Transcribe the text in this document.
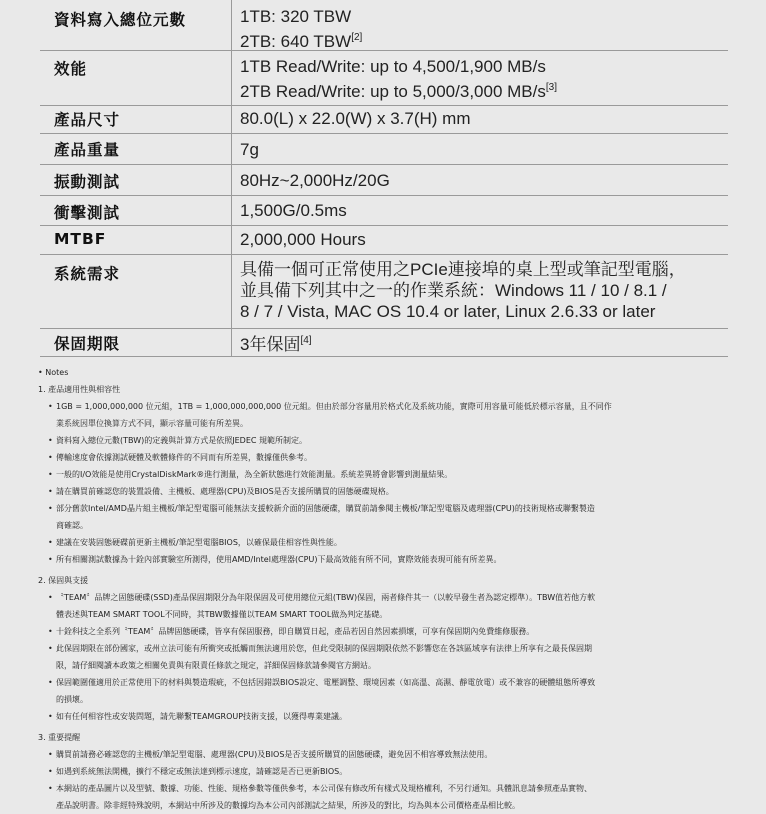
資料寫入總位元數	1TB: 320 TBW
2TB: 640 TBW[2]
效能	1TB Read/Write: up to 4,500/1,900 MB/s
2TB Read/Write: up to 5,000/3,000 MB/s[3]
產品尺寸	80.0(L) x 22.0(W) x 3.7(H) mm
產品重量	7g
振動測試	80Hz~2,000Hz/20G
衝擊測試	1,500G/0.5ms
MTBF	2,000,000 Hours
系統需求	具備一個可正常使用之PCIe連接埠的桌上型或筆記型電腦，
並具備下列其中之一的作業系統：Windows 11 / 10 / 8.1 /
8 / 7 / Vista, MAC OS 10.4 or later, Linux 2.6.33 or later
保固期限	3年保固[4]
• Notes
1. 產品適用性與相容性
• 1GB = 1,000,000,000 位元組，1TB = 1,000,000,000,000 位元組。但由於部分容量用於格式化及系統功能，實際可用容量可能低於標示容量，且不同作
業系統因單位換算方式不同，顯示容量可能有所差異。
• 資料寫入總位元數(TBW)的定義與計算方式是依照JEDEC 規範所制定。
• 傳輸速度會依據測試硬體及軟體條件的不同而有所差異，數據僅供參考。
• 一般的I/O效能是使用CrystalDiskMark®進行測量，為全新狀態進行效能測量。系統差異將會影響到測量結果。
• 請在購買前確認您的裝置設備、主機板、處理器(CPU)及BIOS是否支援所購買的固態硬碟規格。
• 部分舊款Intel/AMD晶片組主機板/筆記型電腦可能無法支援較新介面的固態硬碟，購買前請參閱主機板/筆記型電腦及處理器(CPU)的技術規格或聯繫製造
商確認。
• 建議在安裝固態硬碟前更新主機板/筆記型電腦BIOS，以確保最佳相容性與性能。
• 所有相關測試數據為十銓內部實驗室所測得，使用AMD/Intel處理器(CPU)下最高效能有所不同，實際效能表現可能有所差異。
2. 保固與支援
• 〝TEAM〞品牌之固態硬碟(SSD)產品保固期限分為年限保固及可使用總位元組(TBW)保固，兩者條件其一（以較早發生者為認定標準）。TBW值若他方軟
體表述與TEAM SMART TOOL不同時，其TBW數據僅以TEAM SMART TOOL做為判定基礎。
• 十銓科技之全系列〝TEAM〞品牌固態硬碟，皆享有保固服務，即自購買日起，產品若因自然因素損壞，可享有保固期內免費維修服務。
• 此保固期限在部份國家，或州立法可能有所衝突或抵觸而無法適用於您，但此受限制的保固期限依然不影響您在各該區域享有法律上所享有之最長保固期
限，請仔細閱讀本政策之相關免責與有限責任條款之規定，詳細保固條款請參閱官方網站。
• 保固範圍僅適用於正常使用下的材料與製造瑕疵，不包括因錯誤BIOS設定、電壓調整、環境因素（如高溫、高濕、靜電放電）或不兼容的硬體組態所導致
的損壞。
• 如有任何相容性或安裝問題，請先聯繫TEAMGROUP技術支援，以獲得專業建議。
3. 重要提醒
• 購買前請務必確認您的主機板/筆記型電腦、處理器(CPU)及BIOS是否支援所購買的固態硬碟，避免因不相容導致無法使用。
• 如遇到系統無法開機，擴行不穩定或無法達到標示速度，請確認是否已更新BIOS。
• 本網站的產品圖片以及型號、數據、功能、性能、規格參數等僅供參考，本公司保有修改所有樣式及規格權利，不另行通知。具體訊息請參照產品實物、
產品說明書。除非經特殊說明，本網站中所涉及的數據均為本公司內部測試之結果，所涉及的對比，均為與本公司價格產品相比較。
